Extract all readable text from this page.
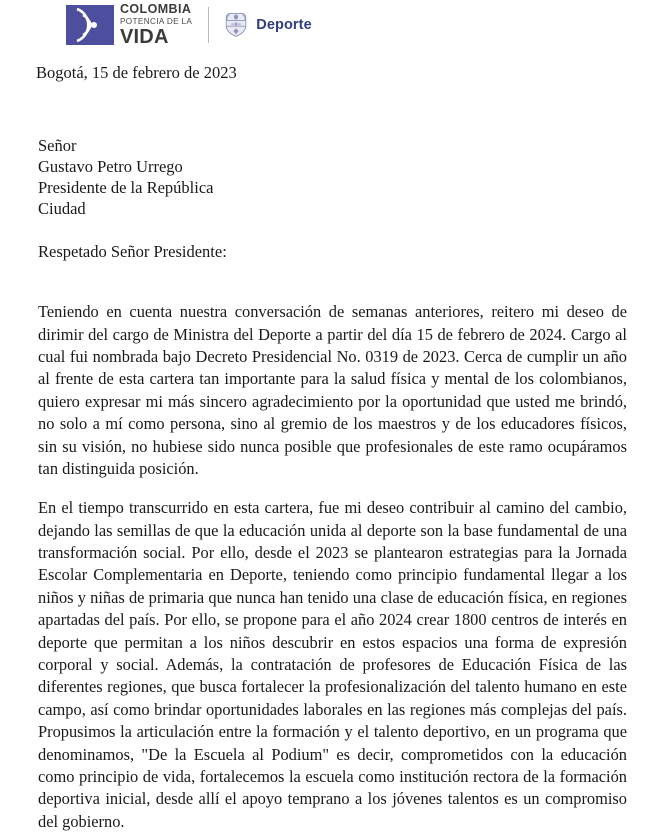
COLOMBIA
POTENCIA DE LA
VIDA
Deporte
Bogotá, 15 de febrero de 2023
Señor
Gustavo Petro Urrego
Presidente de la República
Ciudad
Respetado Señor Presidente:

Teniendo en cuenta nuestra conversación de semanas anteriores, reitero mi deseo de dirimir del cargo de Ministra del Deporte a partir del día 15 de febrero de 2024. Cargo al cual fui nombrada bajo Decreto Presidencial No. 0319 de 2023. Cerca de cumplir un año al frente de esta cartera tan importante para la salud física y mental de los colombianos, quiero expresar mi más sincero agradecimiento por la oportunidad que usted me brindó, no solo a mí como persona, sino al gremio de los maestros y de los educadores físicos, sin su visión, no hubiese sido nunca posible que profesionales de este ramo ocupáramos tan distinguida posición.

En el tiempo transcurrido en esta cartera, fue mi deseo contribuir al camino del cambio, dejando las semillas de que la educación unida al deporte son la base fundamental de una transformación social. Por ello, desde el 2023 se plantearon estrategias para la Jornada Escolar Complementaria en Deporte, teniendo como principio fundamental llegar a los niños y niñas de primaria que nunca han tenido una clase de educación física, en regiones apartadas del país. Por ello, se propone para el año 2024 crear 1800 centros de interés en deporte que permitan a los niños descubrir en estos espacios una forma de expresión corporal y social. Además, la contratación de profesores de Educación Física de las diferentes regiones, que busca fortalecer la profesionalización del talento humano en este campo, así como brindar oportunidades laborales en las regiones más complejas del país. Propusimos la articulación entre la formación y el talento deportivo, en un programa que denominamos, "De la Escuela al Podium" es decir, comprometidos con la educación como principio de vida, fortalecemos la escuela como institución rectora de la formación deportiva inicial, desde allí el apoyo temprano a los jóvenes talentos es un compromiso del gobierno.
